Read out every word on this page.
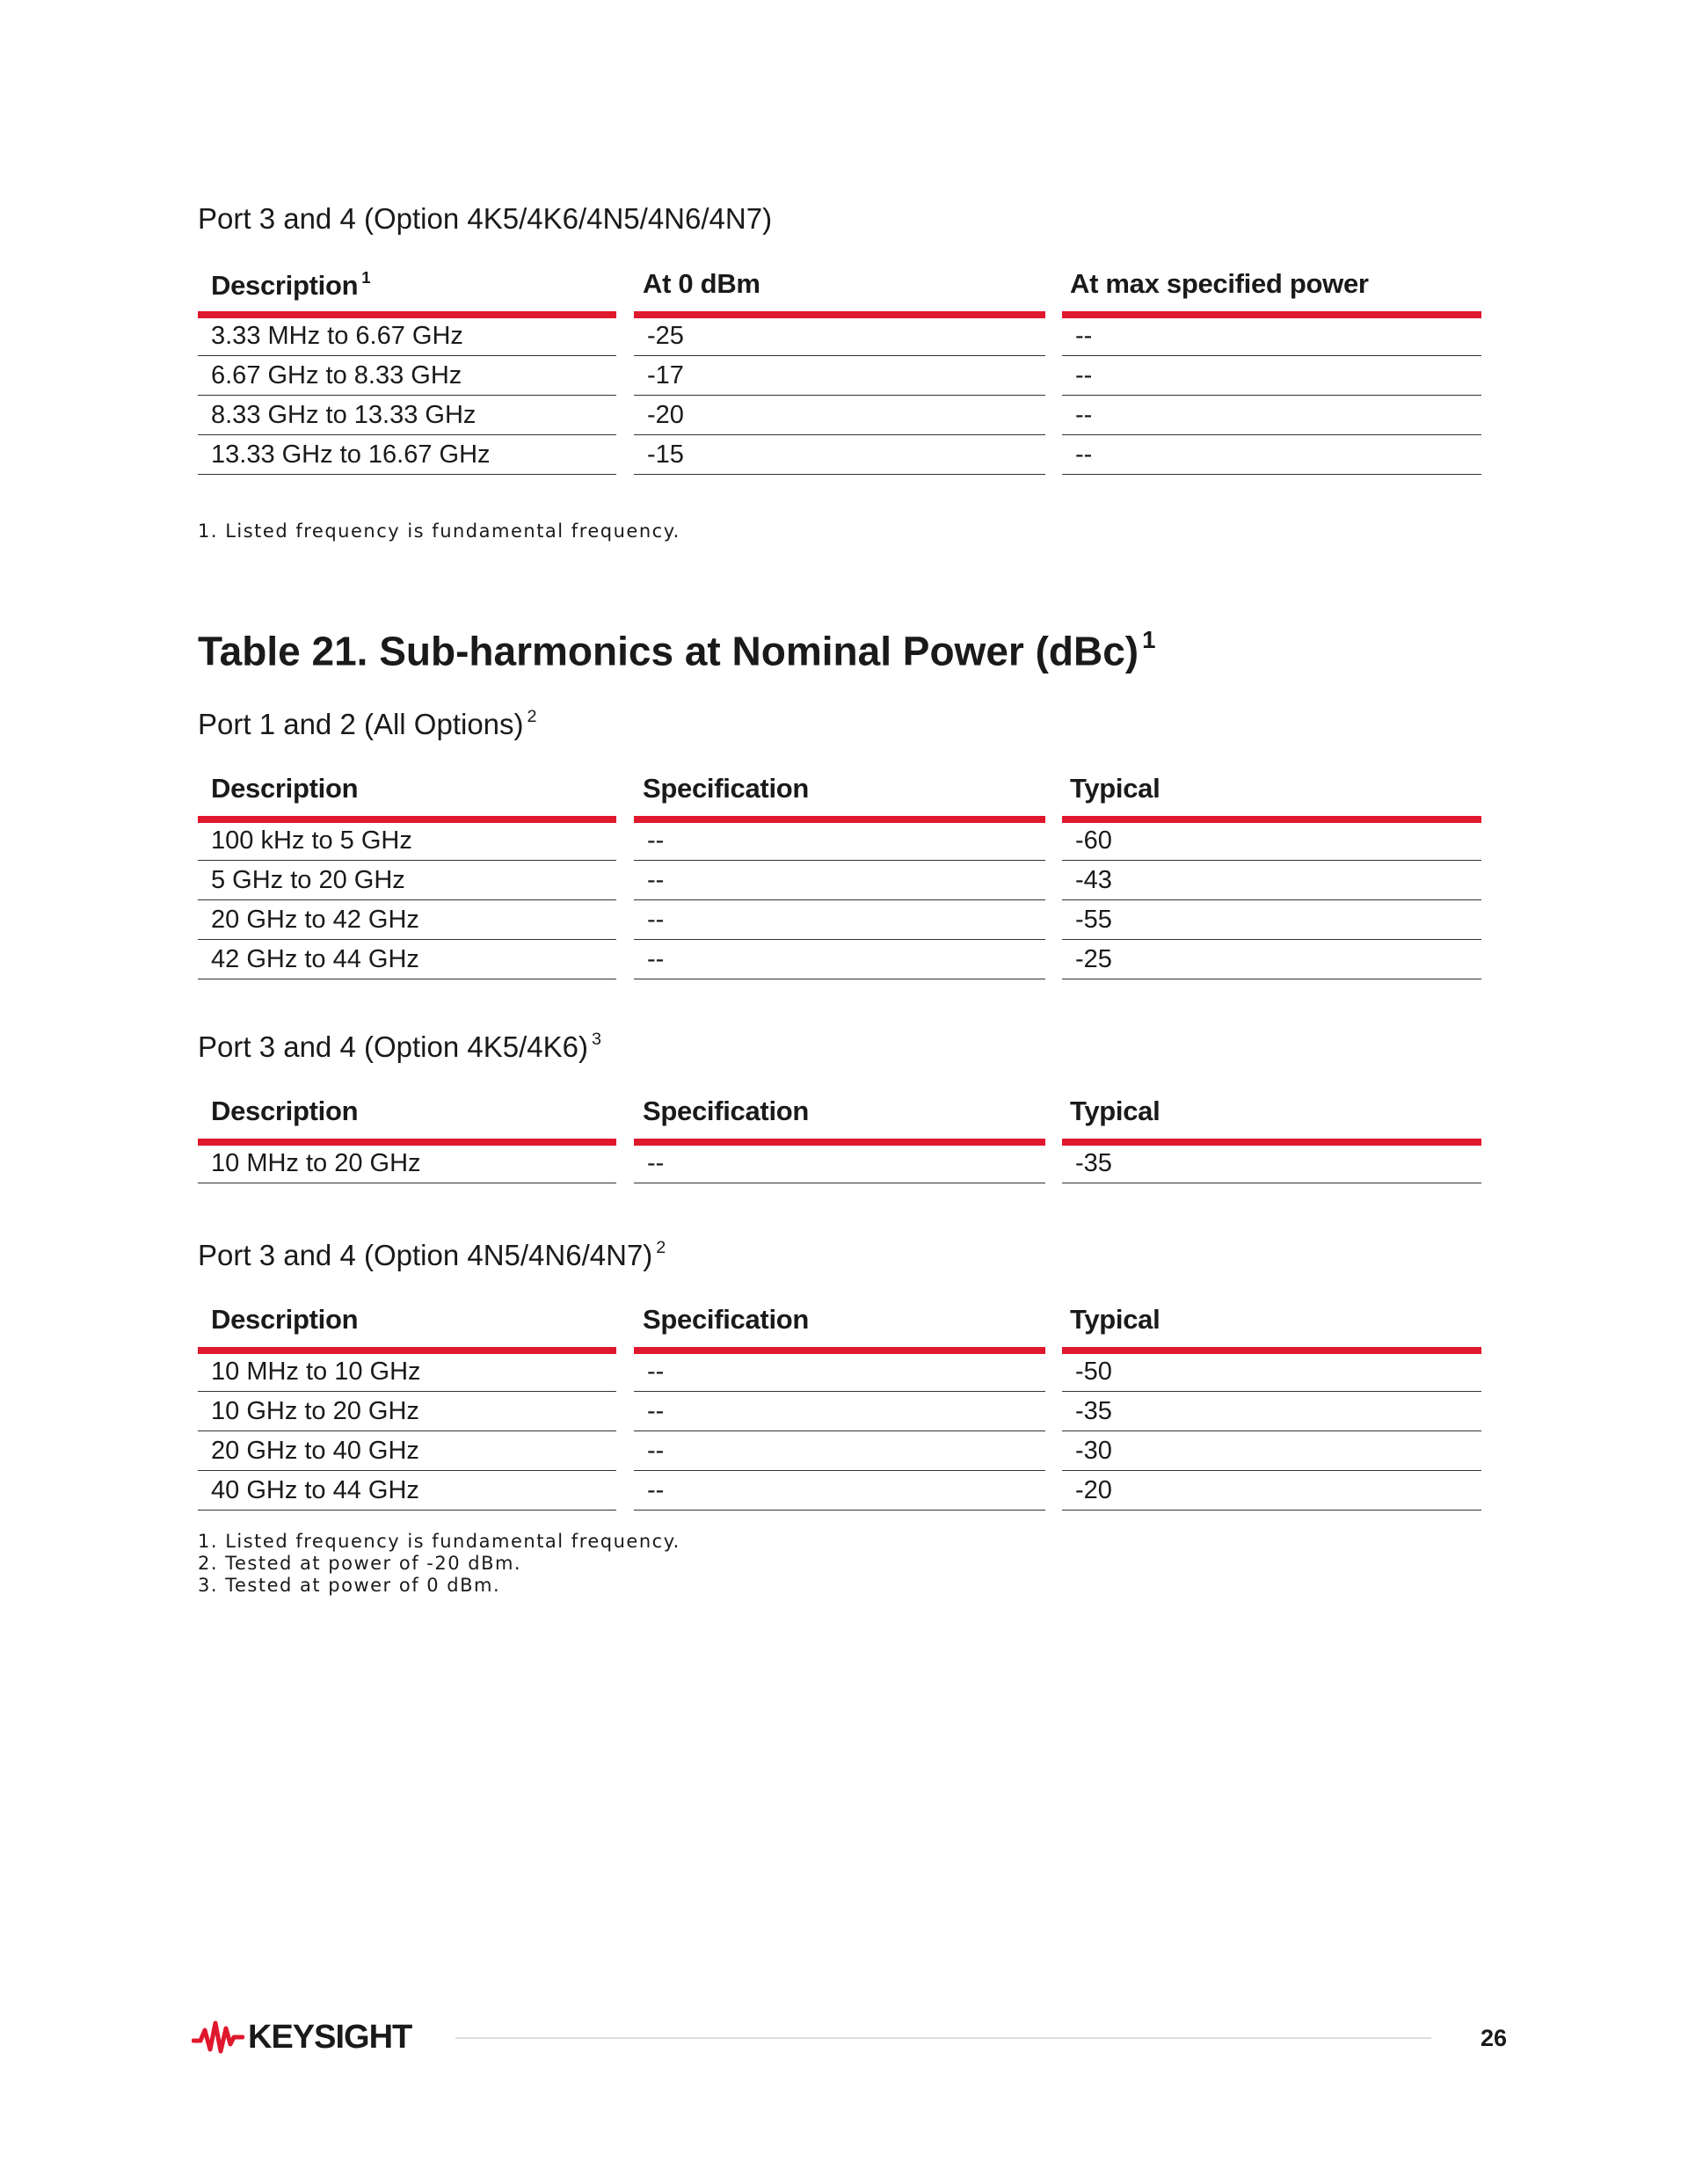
Port 3 and 4 (Option 4K5/4K6/4N5/4N6/4N7)
Description $^1$	At 0 dBm	At max specified power
3.33 MHz to 6.67 GHz	-25	--
6.67 GHz to 8.33 GHz	-17	--
8.33 GHz to 13.33 GHz	-20	--
13.33 GHz to 16.67 GHz	-15	--
1. Listed frequency is fundamental frequency.
Table 21. Sub-harmonics at Nominal Power (dBc) $^1$
Port 1 and 2 (All Options) $^2$
Description	Specification	Typical
100 kHz to 5 GHz	--	-60
5 GHz to 20 GHz	--	-43
20 GHz to 42 GHz	--	-55
42 GHz to 44 GHz	--	-25
Port 3 and 4 (Option 4K5/4K6) $^3$
Description	Specification	Typical
10 MHz to 20 GHz	--	-35
Port 3 and 4 (Option 4N5/4N6/4N7) $^2$
Description	Specification	Typical
10 MHz to 10 GHz	--	-50
10 GHz to 20 GHz	--	-35
20 GHz to 40 GHz	--	-30
40 GHz to 44 GHz	--	-20
1. Listed frequency is fundamental frequency.
2. Tested at power of -20 dBm.
3. Tested at power of 0 dBm.
KEYSIGHT	26
